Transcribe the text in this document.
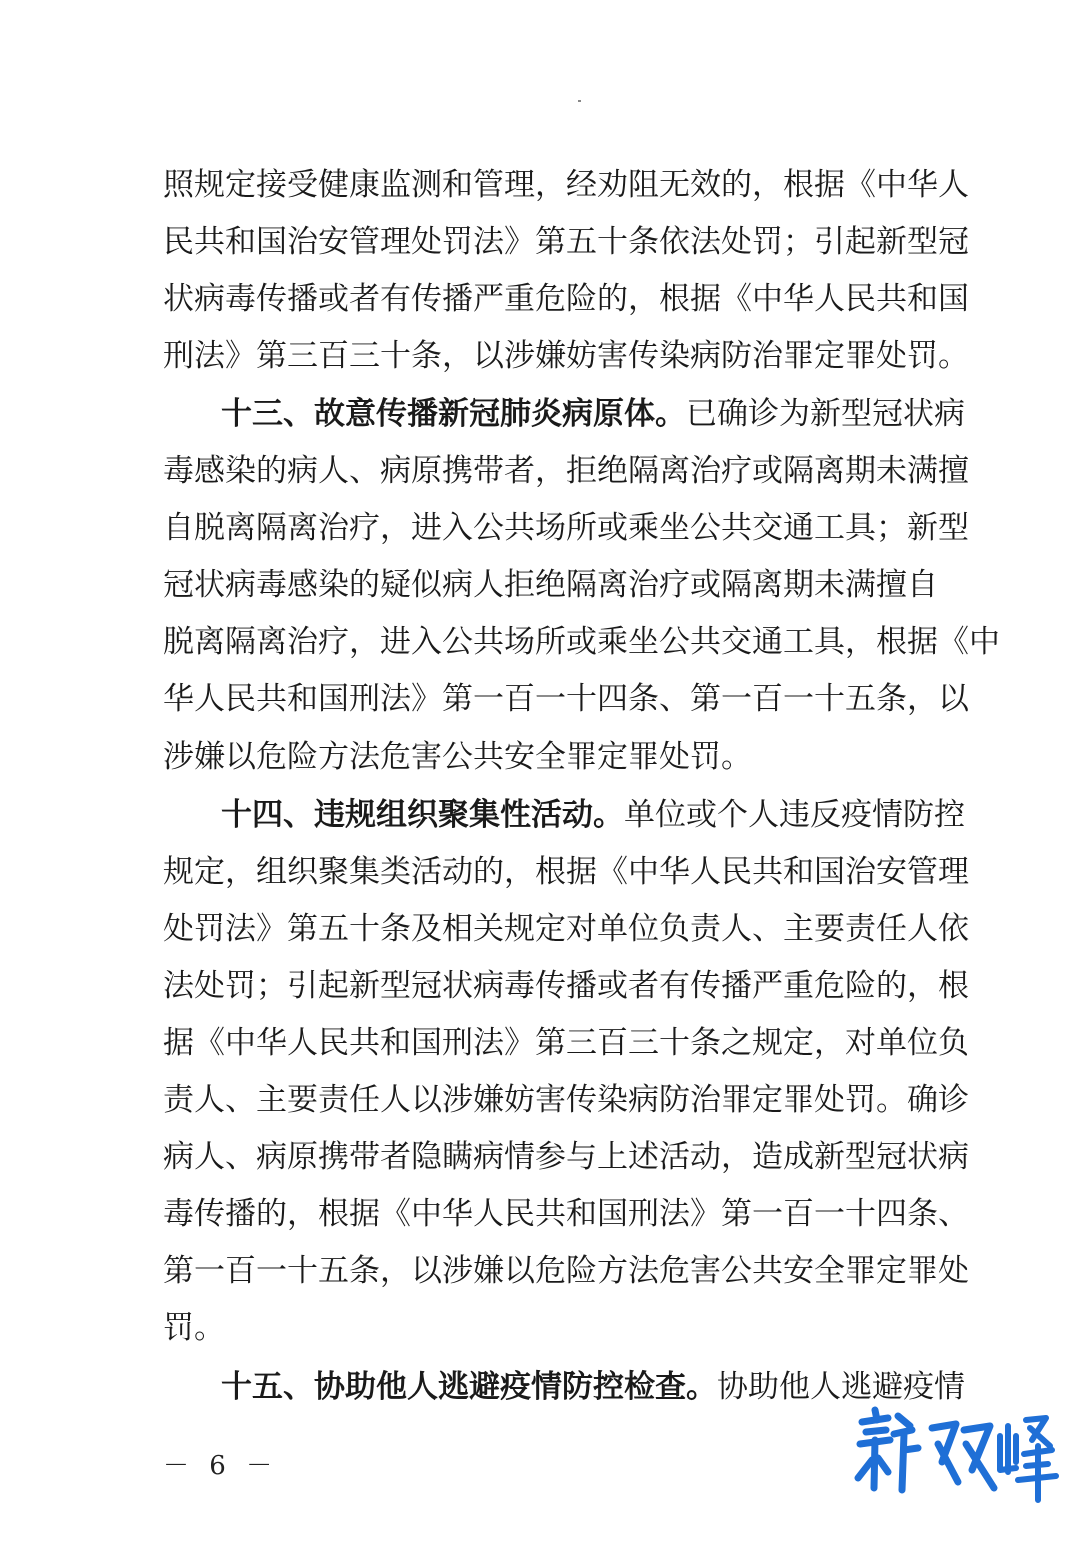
照规定接受健康监测和管理，经劝阻无效的，根据《中华人
民共和国治安管理处罚法》第五十条依法处罚；引起新型冠
状病毒传播或者有传播严重危险的，根据《中华人民共和国
刑法》第三百三十条，以涉嫌妨害传染病防治罪定罪处罚。
十三、故意传播新冠肺炎病原体。已确诊为新型冠状病
毒感染的病人、病原携带者，拒绝隔离治疗或隔离期未满擅
自脱离隔离治疗，进入公共场所或乘坐公共交通工具；新型
冠状病毒感染的疑似病人拒绝隔离治疗或隔离期未满擅自
脱离隔离治疗，进入公共场所或乘坐公共交通工具，根据《中
华人民共和国刑法》第一百一十四条、第一百一十五条，以
涉嫌以危险方法危害公共安全罪定罪处罚。
十四、违规组织聚集性活动。单位或个人违反疫情防控
规定，组织聚集类活动的，根据《中华人民共和国治安管理
处罚法》第五十条及相关规定对单位负责人、主要责任人依
法处罚；引起新型冠状病毒传播或者有传播严重危险的，根
据《中华人民共和国刑法》第三百三十条之规定，对单位负
责人、主要责任人以涉嫌妨害传染病防治罪定罪处罚。确诊
病人、病原携带者隐瞒病情参与上述活动，造成新型冠状病
毒传播的，根据《中华人民共和国刑法》第一百一十四条、
第一百一十五条，以涉嫌以危险方法危害公共安全罪定罪处
罚。
十五、协助他人逃避疫情防控检查。协助他人逃避疫情
－ 6 －
